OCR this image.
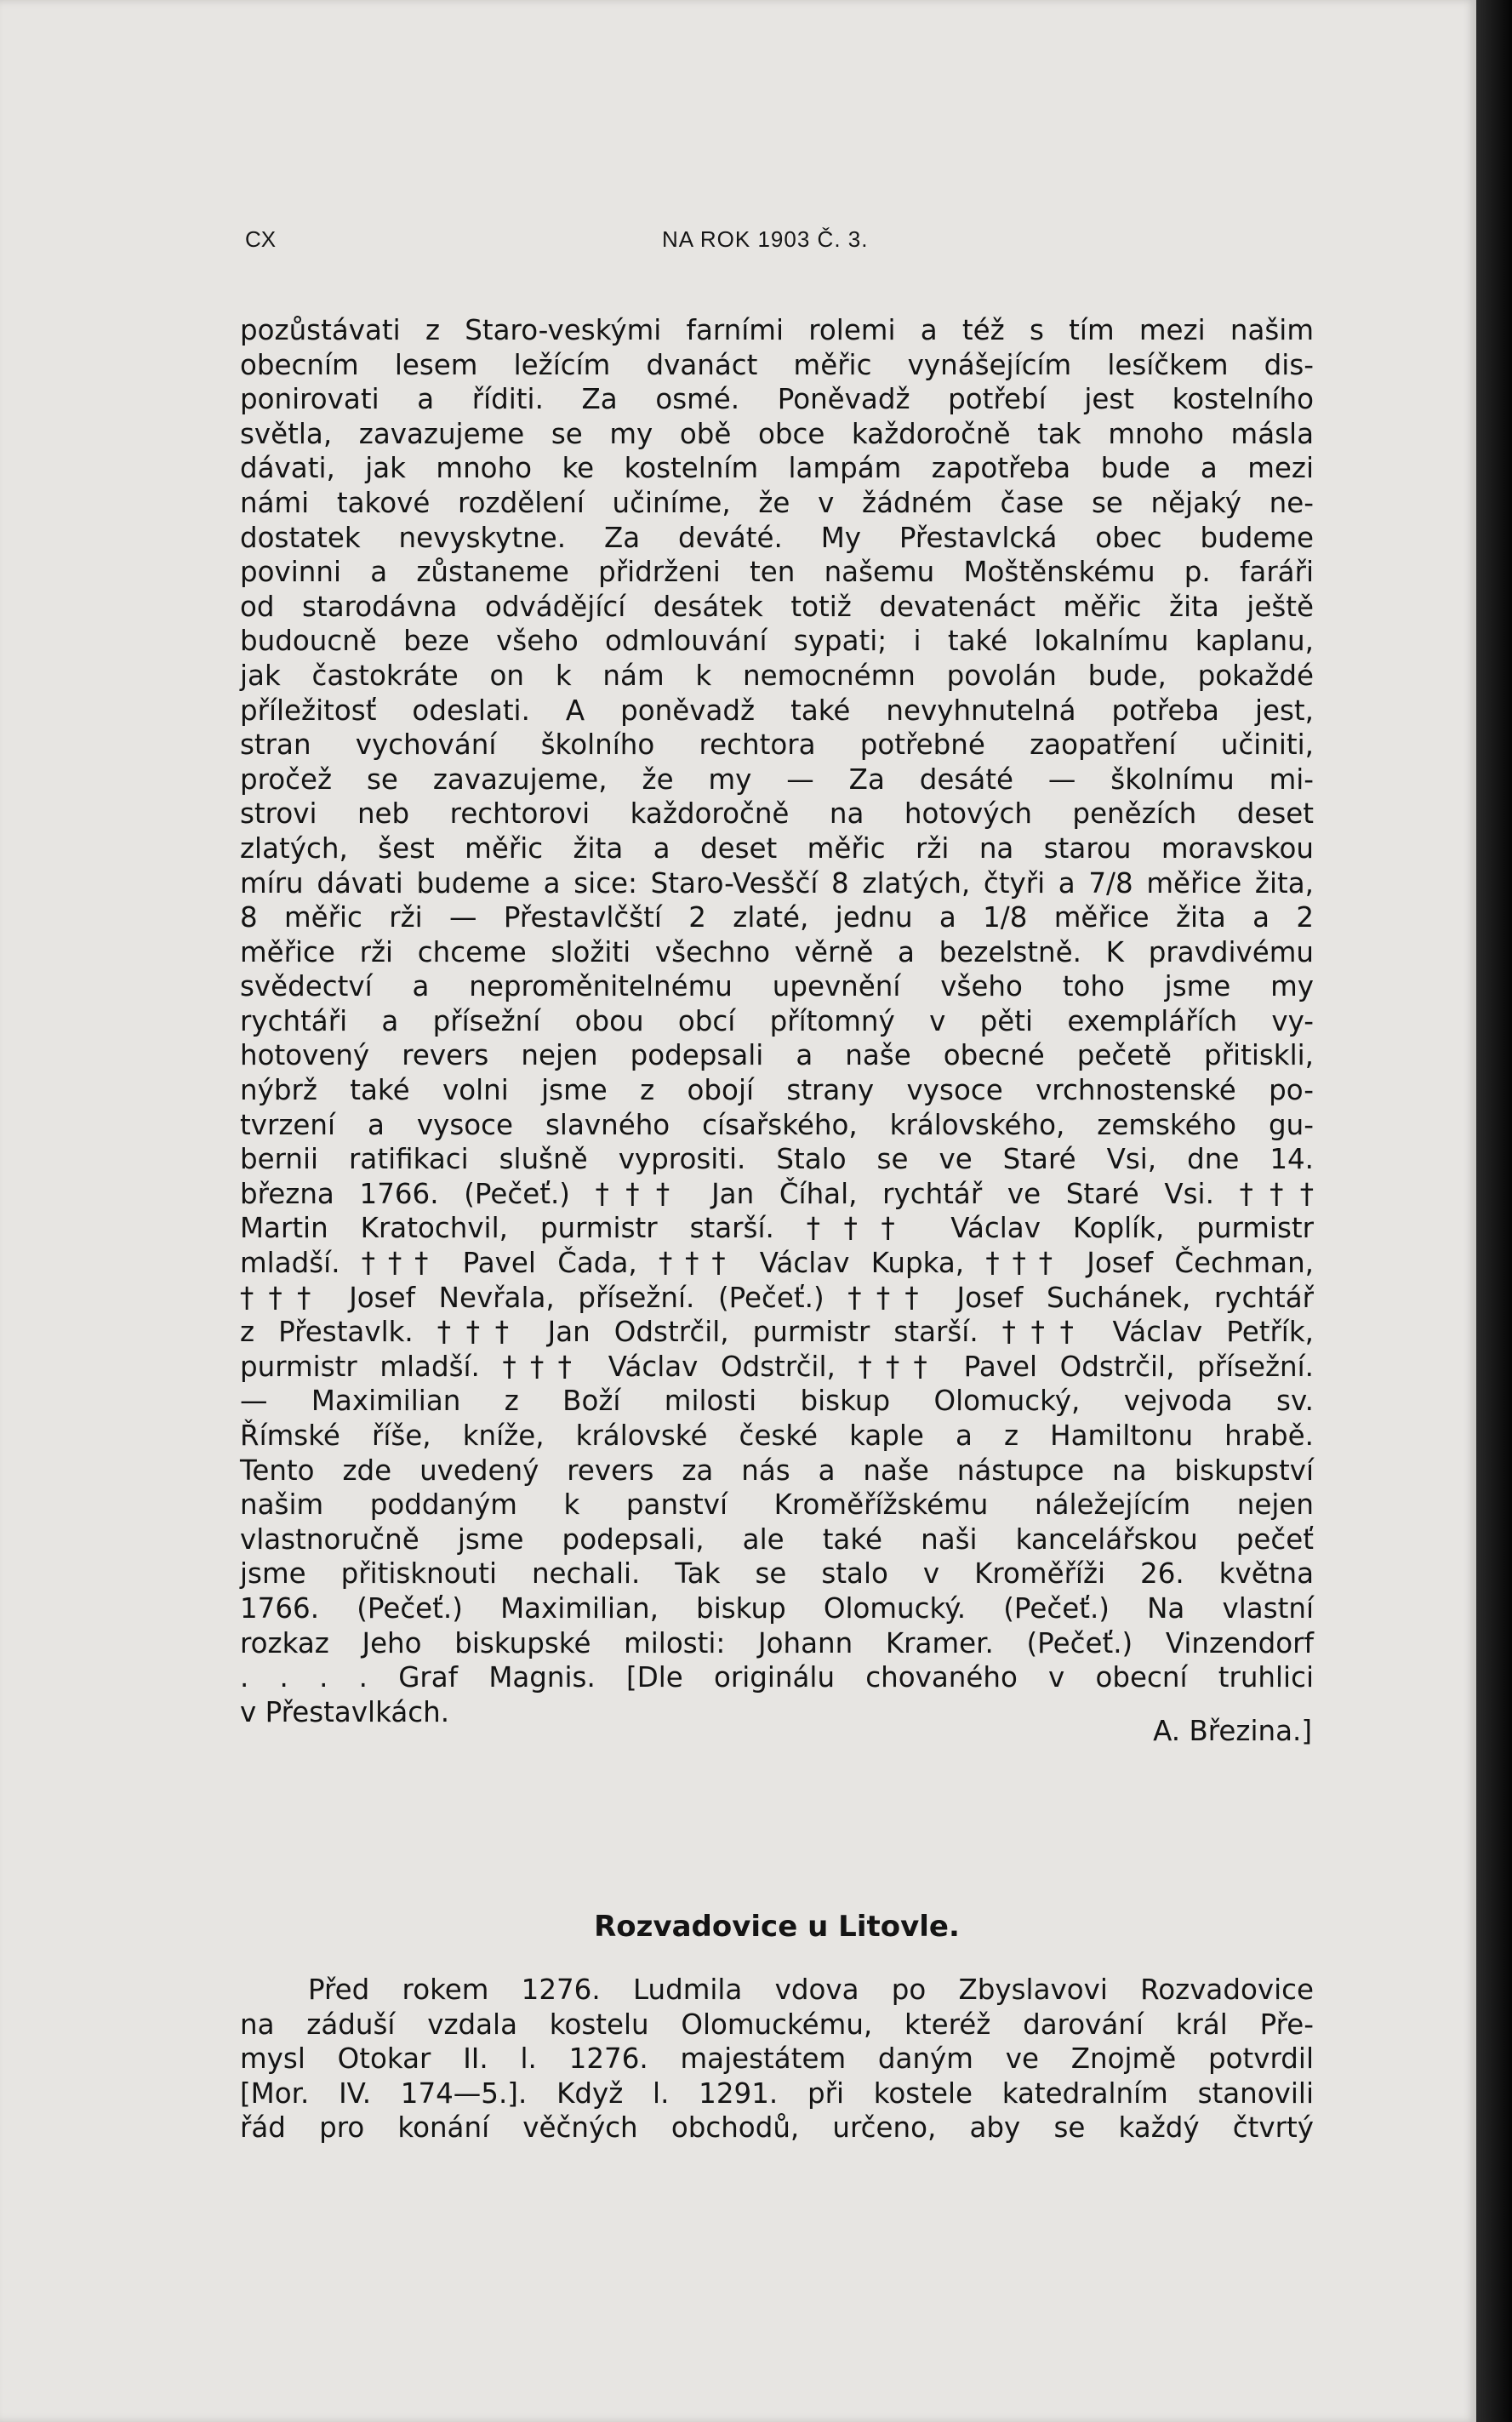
CX	NA ROK 1903 Č. 3.
pozůstávati z Staro-veskými farními rolemi a též s tím mezi našim
obecním lesem ležícím dvanáct měřic vynášejícím lesíčkem dis-
ponirovati a říditi. Za osmé. Poněvadž potřebí jest kostelního
světla, zavazujeme se my obě obce každoročně tak mnoho másla
dávati, jak mnoho ke kostelním lampám zapotřeba bude a mezi
námi takové rozdělení učiníme, že v žádném čase se nějaký ne-
dostatek nevyskytne. Za deváté. My Přestavlcká obec budeme
povinni a zůstaneme přidrženi ten našemu Moštěnskému p. faráři
od starodávna odvádějící desátek totiž devatenáct měřic žita ještě
budoucně beze všeho odmlouvání sypati; i také lokalnímu kaplanu,
jak častokráte on k nám k nemocnémn povolán bude, pokaždé
příležitosť odeslati. A poněvadž také nevyhnutelná potřeba jest,
stran vychování školního rechtora potřebné zaopatření učiniti,
pročež se zavazujeme, že my — Za desáté — školnímu mi-
strovi neb rechtorovi každoročně na hotových penězích deset
zlatých, šest měřic žita a deset měřic rži na starou moravskou
míru dávati budeme a sice: Staro-Vesščí 8 zlatých, čtyři a 7/8 měřice žita,
8 měřic rži — Přestavlčští 2 zlaté, jednu a 1/8 měřice žita a 2
měřice rži chceme složiti všechno věrně a bezelstně. K pravdivému
svědectví a neproměnitelnému upevnění všeho toho jsme my
rychtáři a přísežní obou obcí přítomný v pěti exemplářích vy-
hotovený revers nejen podepsali a naše obecné pečetě přitiskli,
nýbrž také volni jsme z obojí strany vysoce vrchnostenské po-
tvrzení a vysoce slavného císařského, královského, zemského gu-
bernii ratifikaci slušně vyprositi. Stalo se ve Staré Vsi, dne 14.
března 1766. (Pečeť.) ††† Jan Číhal, rychtář ve Staré Vsi. †††
Martin Kratochvil, purmistr starší. ††† Václav Koplík, purmistr
mladší. ††† Pavel Čada, ††† Václav Kupka, ††† Josef Čechman,
††† Josef Nevřala, přísežní. (Pečeť.) ††† Josef Suchánek, rychtář
z Přestavlk. ††† Jan Odstrčil, purmistr starší. ††† Václav Petřík,
purmistr mladší. ††† Václav Odstrčil, ††† Pavel Odstrčil, přísežní.
— Maximilian z Boží milosti biskup Olomucký, vejvoda sv.
Římské říše, kníže, královské české kaple a z Hamiltonu hrabě.
Tento zde uvedený revers za nás a naše nástupce na biskupství
našim poddaným k panství Kroměřížskému náležejícím nejen
vlastnoručně jsme podepsali, ale také naši kancelářskou pečeť
jsme přitisknouti nechali. Tak se stalo v Kroměříži 26. května
1766. (Pečeť.) Maximilian, biskup Olomucký. (Pečeť.) Na vlastní
rozkaz Jeho biskupské milosti: Johann Kramer. (Pečeť.) Vinzendorf
. . . . Graf Magnis. [Dle originálu chovaného v obecní truhlici
v Přestavlkách.
A. Březina.]
Rozvadovice u Litovle.
Před rokem 1276. Ludmila vdova po Zbyslavovi Rozvadovice
na záduší vzdala kostelu Olomuckému, kteréž darování král Pře-
mysl Otokar II. l. 1276. majestátem daným ve Znojmě potvrdil
[Mor. IV. 174—5.]. Když l. 1291. při kostele katedralním stanovili
řád pro konání věčných obchodů, určeno, aby se každý čtvrtý
